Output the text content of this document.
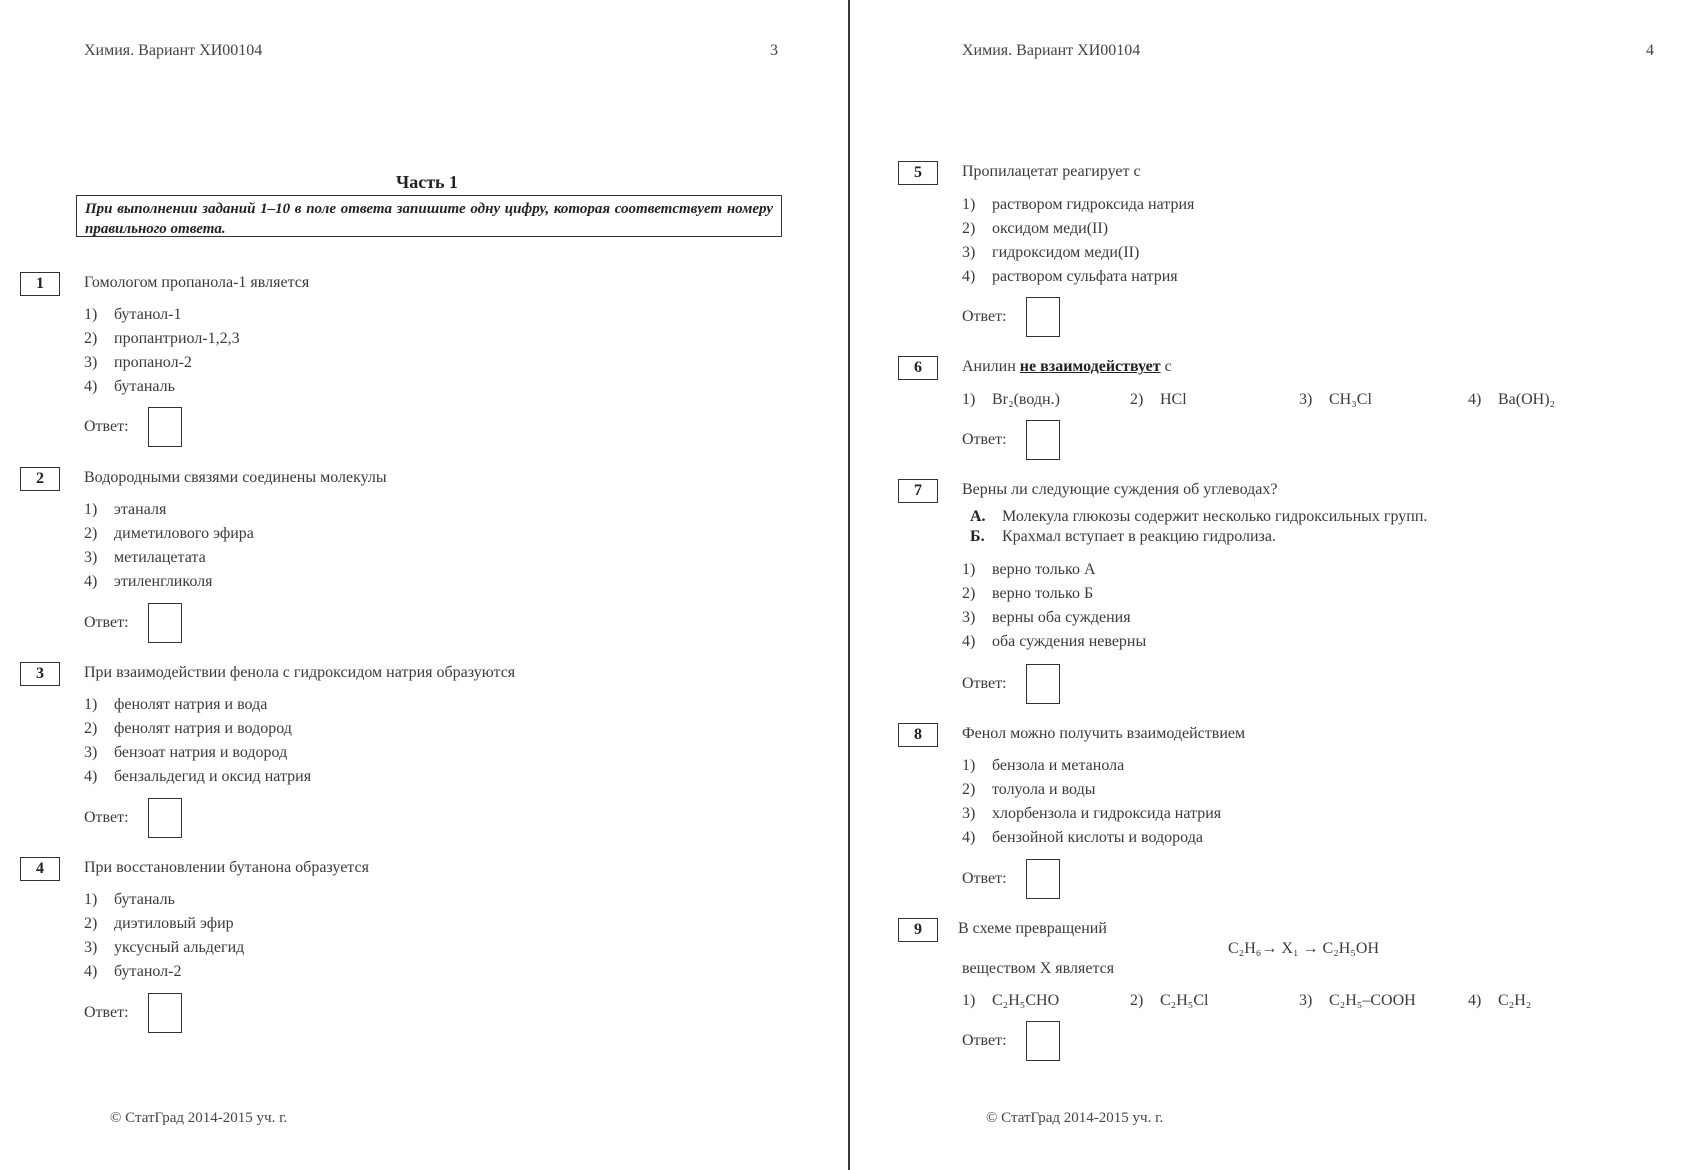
Химия. Вариант ХИ00104	3
Часть 1
При выполнении заданий 1–10 в поле ответа запишите одну цифру, которая соответствует номеру правильного ответа.
1	Гомологом пропанола-1 является
1) бутанол-1
2) пропантриол-1,2,3
3) пропанол-2
4) бутаналь
Ответ:
2	Водородными связями соединены молекулы
1) этаналя
2) диметилового эфира
3) метилацетата
4) этиленгликоля
Ответ:
3	При взаимодействии фенола с гидроксидом натрия образуются
1) фенолят натрия и вода
2) фенолят натрия и водород
3) бензоат натрия и водород
4) бензальдегид и оксид натрия
Ответ:
4	При восстановлении бутанона образуется
1) бутаналь
2) диэтиловый эфир
3) уксусный альдегид
4) бутанол-2
Ответ:
© СтатГрад 2014-2015 уч. г.
Химия. Вариант ХИ00104	4
5	Пропилацетат реагирует с
1) раствором гидроксида натрия
2) оксидом меди(II)
3) гидроксидом меди(II)
4) раствором сульфата натрия
Ответ:
6	Анилин не взаимодействует с
1) Br₂(водн.)	2) HCl	3) CH₃Cl	4) Ba(OH)₂
Ответ:
7	Верны ли следующие суждения об углеводах?
А. Молекула глюкозы содержит несколько гидроксильных групп.
Б. Крахмал вступает в реакцию гидролиза.
1) верно только А
2) верно только Б
3) верны оба суждения
4) оба суждения неверны
Ответ:
8	Фенол можно получить взаимодействием
1) бензола и метанола
2) толуола и воды
3) хлорбензола и гидроксида натрия
4) бензойной кислоты и водорода
Ответ:
9	В схеме превращений
C₂H₆→ X₁ → C₂H₅OH
веществом X является
1) C₂H₅CHO	2) C₂H₅Cl	3) C₂H₅–COOH	4) C₂H₂
Ответ:
© СтатГрад 2014-2015 уч. г.
